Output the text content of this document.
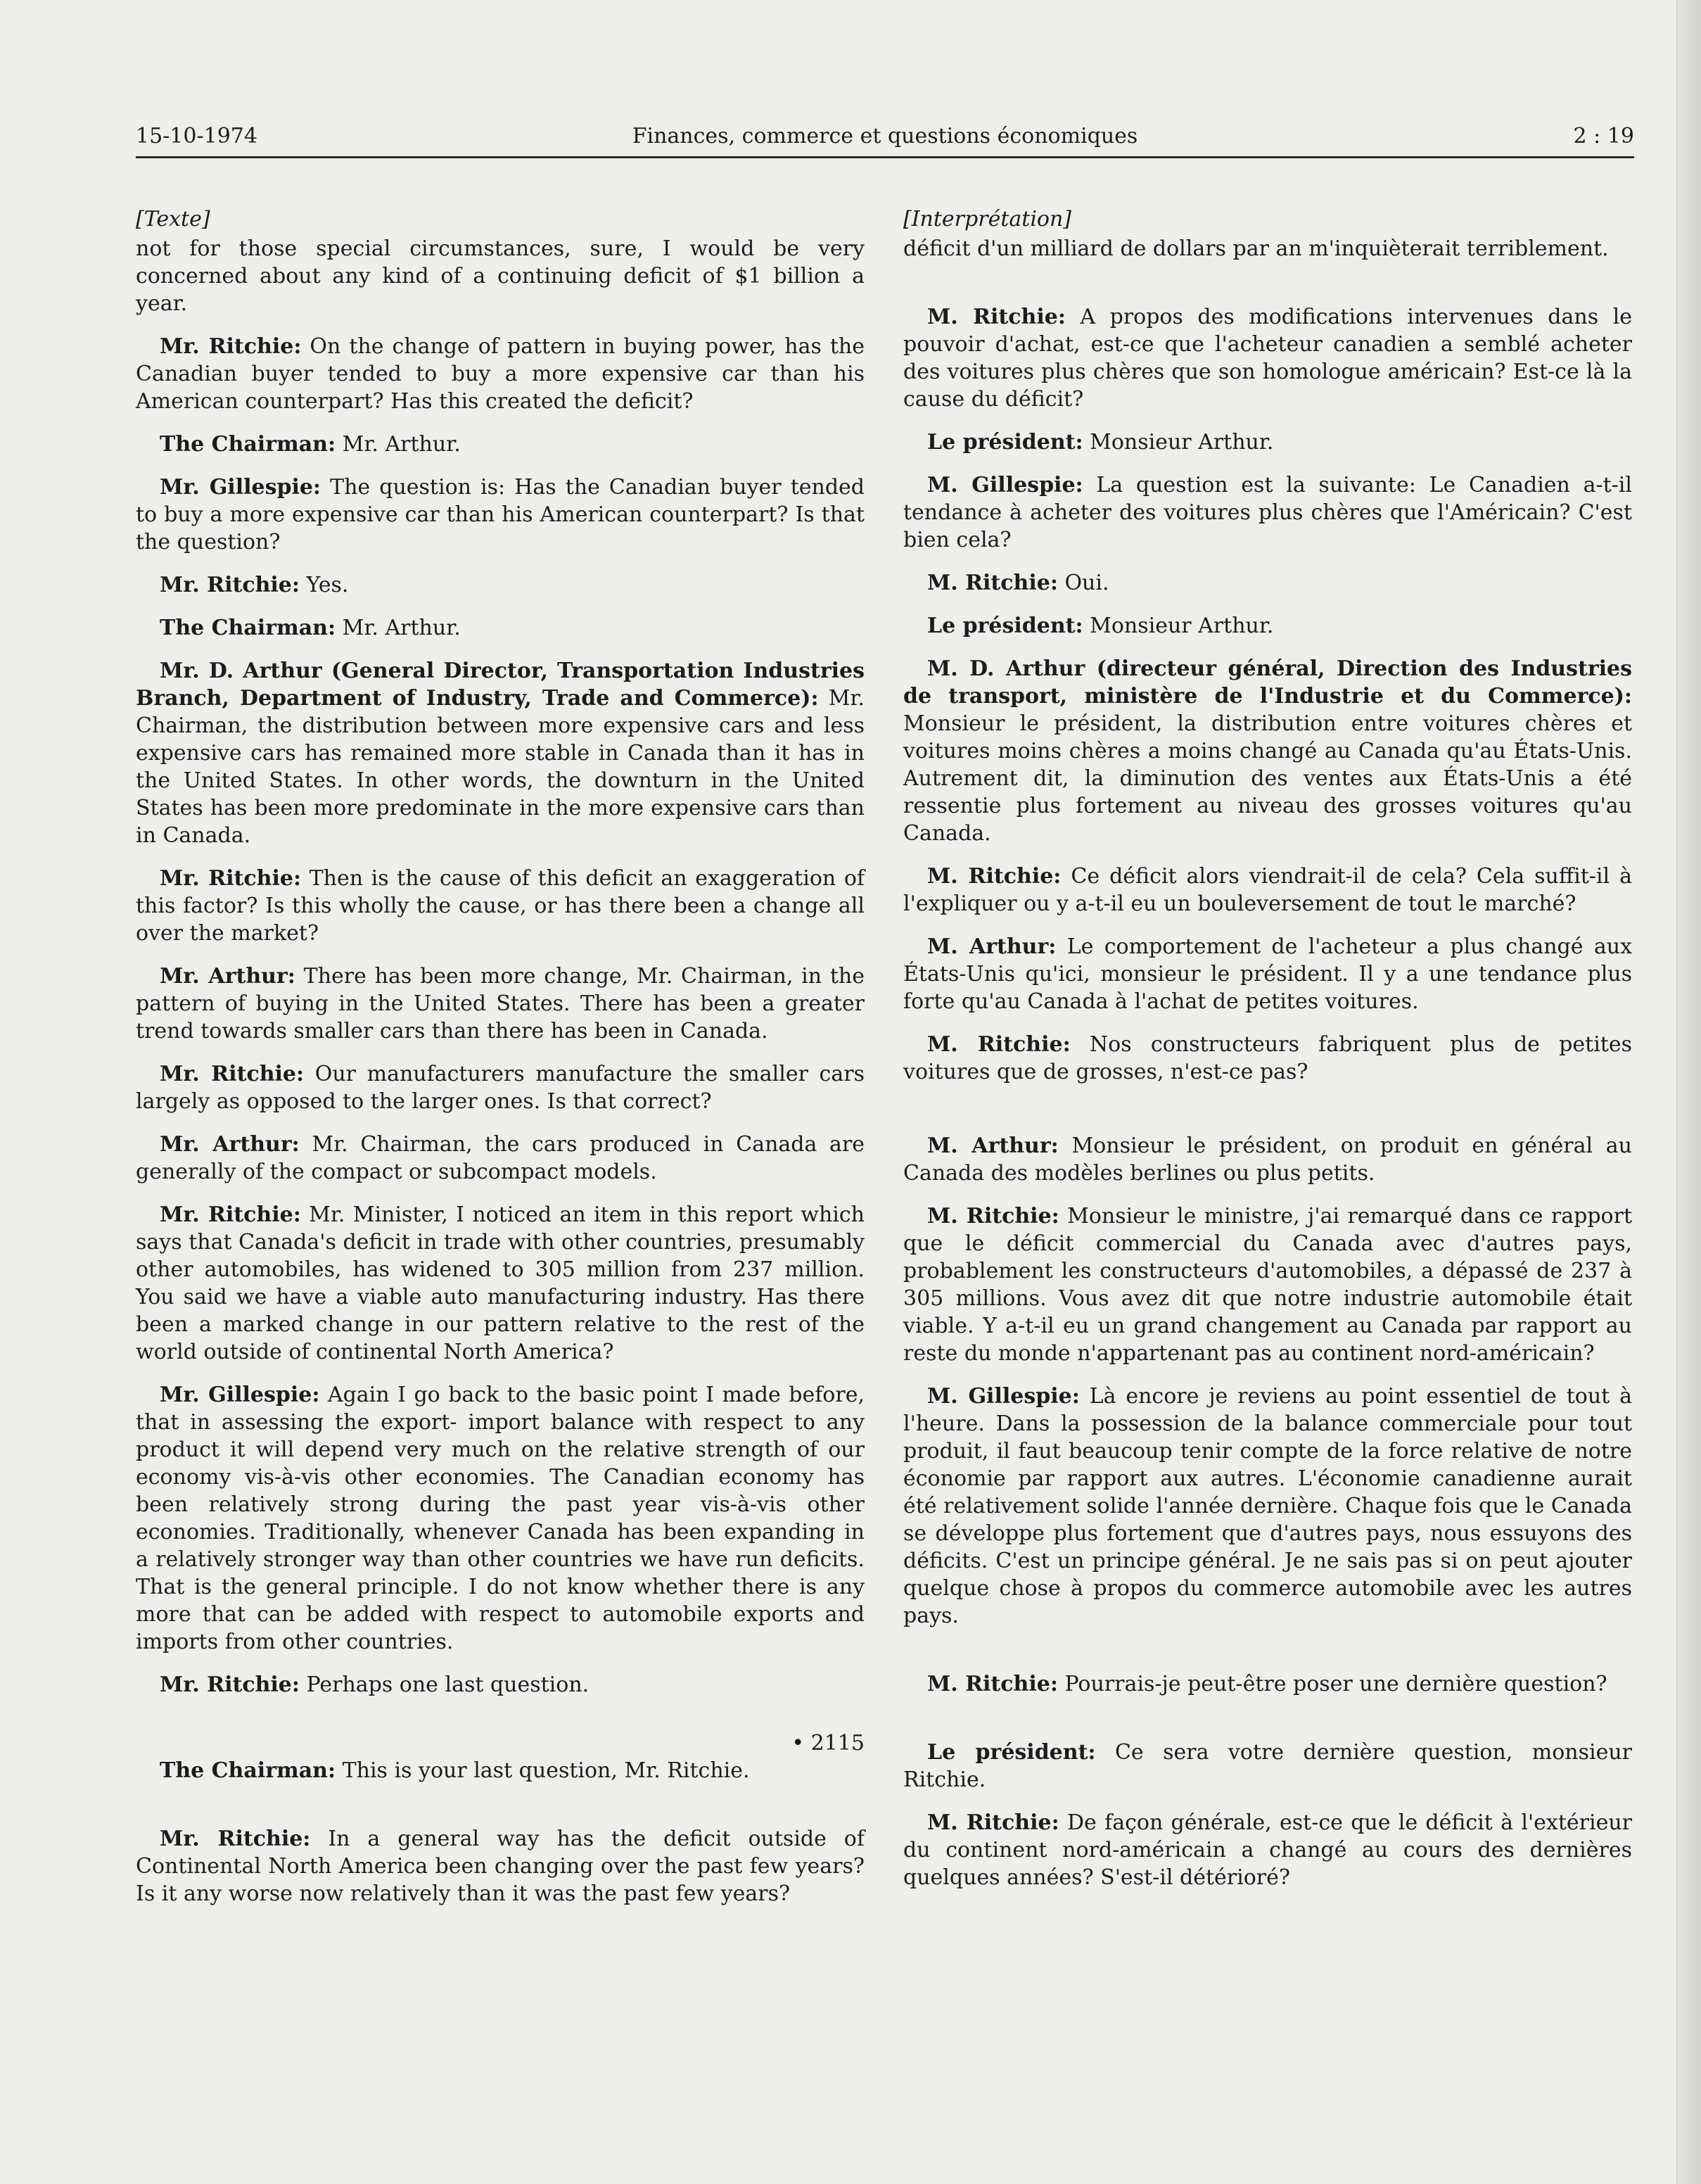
15-10-1974	Finances, commerce et questions économiques	2 : 19
[Texte]

not for those special circumstances, sure, I would be very concerned about any kind of a continuing deficit of $1 billion a year.

Mr. Ritchie: On the change of pattern in buying power, has the Canadian buyer tended to buy a more expensive car than his American counterpart? Has this created the deficit?

The Chairman: Mr. Arthur.

Mr. Gillespie: The question is: Has the Canadian buyer tended to buy a more expensive car than his American counterpart? Is that the question?

Mr. Ritchie: Yes.

The Chairman: Mr. Arthur.

Mr. D. Arthur (General Director, Transportation Industries Branch, Department of Industry, Trade and Commerce): Mr. Chairman, the distribution between more expensive cars and less expensive cars has remained more stable in Canada than it has in the United States. In other words, the downturn in the United States has been more predominate in the more expensive cars than in Canada.

Mr. Ritchie: Then is the cause of this deficit an exaggeration of this factor? Is this wholly the cause, or has there been a change all over the market?

Mr. Arthur: There has been more change, Mr. Chairman, in the pattern of buying in the United States. There has been a greater trend towards smaller cars than there has been in Canada.

Mr. Ritchie: Our manufacturers manufacture the smaller cars largely as opposed to the larger ones. Is that correct?

Mr. Arthur: Mr. Chairman, the cars produced in Canada are generally of the compact or subcompact models.

Mr. Ritchie: Mr. Minister, I noticed an item in this report which says that Canada's deficit in trade with other countries, presumably other automobiles, has widened to 305 million from 237 million. You said we have a viable auto manufacturing industry. Has there been a marked change in our pattern relative to the rest of the world outside of continental North America?

Mr. Gillespie: Again I go back to the basic point I made before, that in assessing the export- import balance with respect to any product it will depend very much on the relative strength of our economy vis-à-vis other economies. The Canadian economy has been relatively strong during the past year vis-à-vis other economies. Traditionally, whenever Canada has been expanding in a relatively stronger way than other countries we have run deficits. That is the general principle. I do not know whether there is any more that can be added with respect to automobile exports and imports from other countries.

Mr. Ritchie: Perhaps one last question.

• 2115

The Chairman: This is your last question, Mr. Ritchie.

Mr. Ritchie: In a general way has the deficit outside of Continental North America been changing over the past few years? Is it any worse now relatively than it was the past few years?

[Interprétation]

déficit d'un milliard de dollars par an m'inquièterait terriblement.

M. Ritchie: A propos des modifications intervenues dans le pouvoir d'achat, est-ce que l'acheteur canadien a semblé acheter des voitures plus chères que son homologue américain? Est-ce là la cause du déficit?

Le président: Monsieur Arthur.

M. Gillespie: La question est la suivante: Le Canadien a-t-il tendance à acheter des voitures plus chères que l'Américain? C'est bien cela?

M. Ritchie: Oui.

Le président: Monsieur Arthur.

M. D. Arthur (directeur général, Direction des Industries de transport, ministère de l'Industrie et du Commerce): Monsieur le président, la distribution entre voitures chères et voitures moins chères a moins changé au Canada qu'au États-Unis. Autrement dit, la diminution des ventes aux États-Unis a été ressentie plus fortement au niveau des grosses voitures qu'au Canada.

M. Ritchie: Ce déficit alors viendrait-il de cela? Cela suffit-il à l'expliquer ou y a-t-il eu un bouleversement de tout le marché?

M. Arthur: Le comportement de l'acheteur a plus changé aux États-Unis qu'ici, monsieur le président. Il y a une tendance plus forte qu'au Canada à l'achat de petites voitures.

M. Ritchie: Nos constructeurs fabriquent plus de petites voitures que de grosses, n'est-ce pas?

M. Arthur: Monsieur le président, on produit en général au Canada des modèles berlines ou plus petits.

M. Ritchie: Monsieur le ministre, j'ai remarqué dans ce rapport que le déficit commercial du Canada avec d'autres pays, probablement les constructeurs d'automobiles, a dépassé de 237 à 305 millions. Vous avez dit que notre industrie automobile était viable. Y a-t-il eu un grand changement au Canada par rapport au reste du monde n'appartenant pas au continent nord-américain?

M. Gillespie: Là encore je reviens au point essentiel de tout à l'heure. Dans la possession de la balance commerciale pour tout produit, il faut beaucoup tenir compte de la force relative de notre économie par rapport aux autres. L'économie canadienne aurait été relativement solide l'année dernière. Chaque fois que le Canada se développe plus fortement que d'autres pays, nous essuyons des déficits. C'est un principe général. Je ne sais pas si on peut ajouter quelque chose à propos du commerce automobile avec les autres pays.

M. Ritchie: Pourrais-je peut-être poser une dernière question?

Le président: Ce sera votre dernière question, monsieur Ritchie.

M. Ritchie: De façon générale, est-ce que le déficit à l'extérieur du continent nord-américain a changé au cours des dernières quelques années? S'est-il détérioré?
